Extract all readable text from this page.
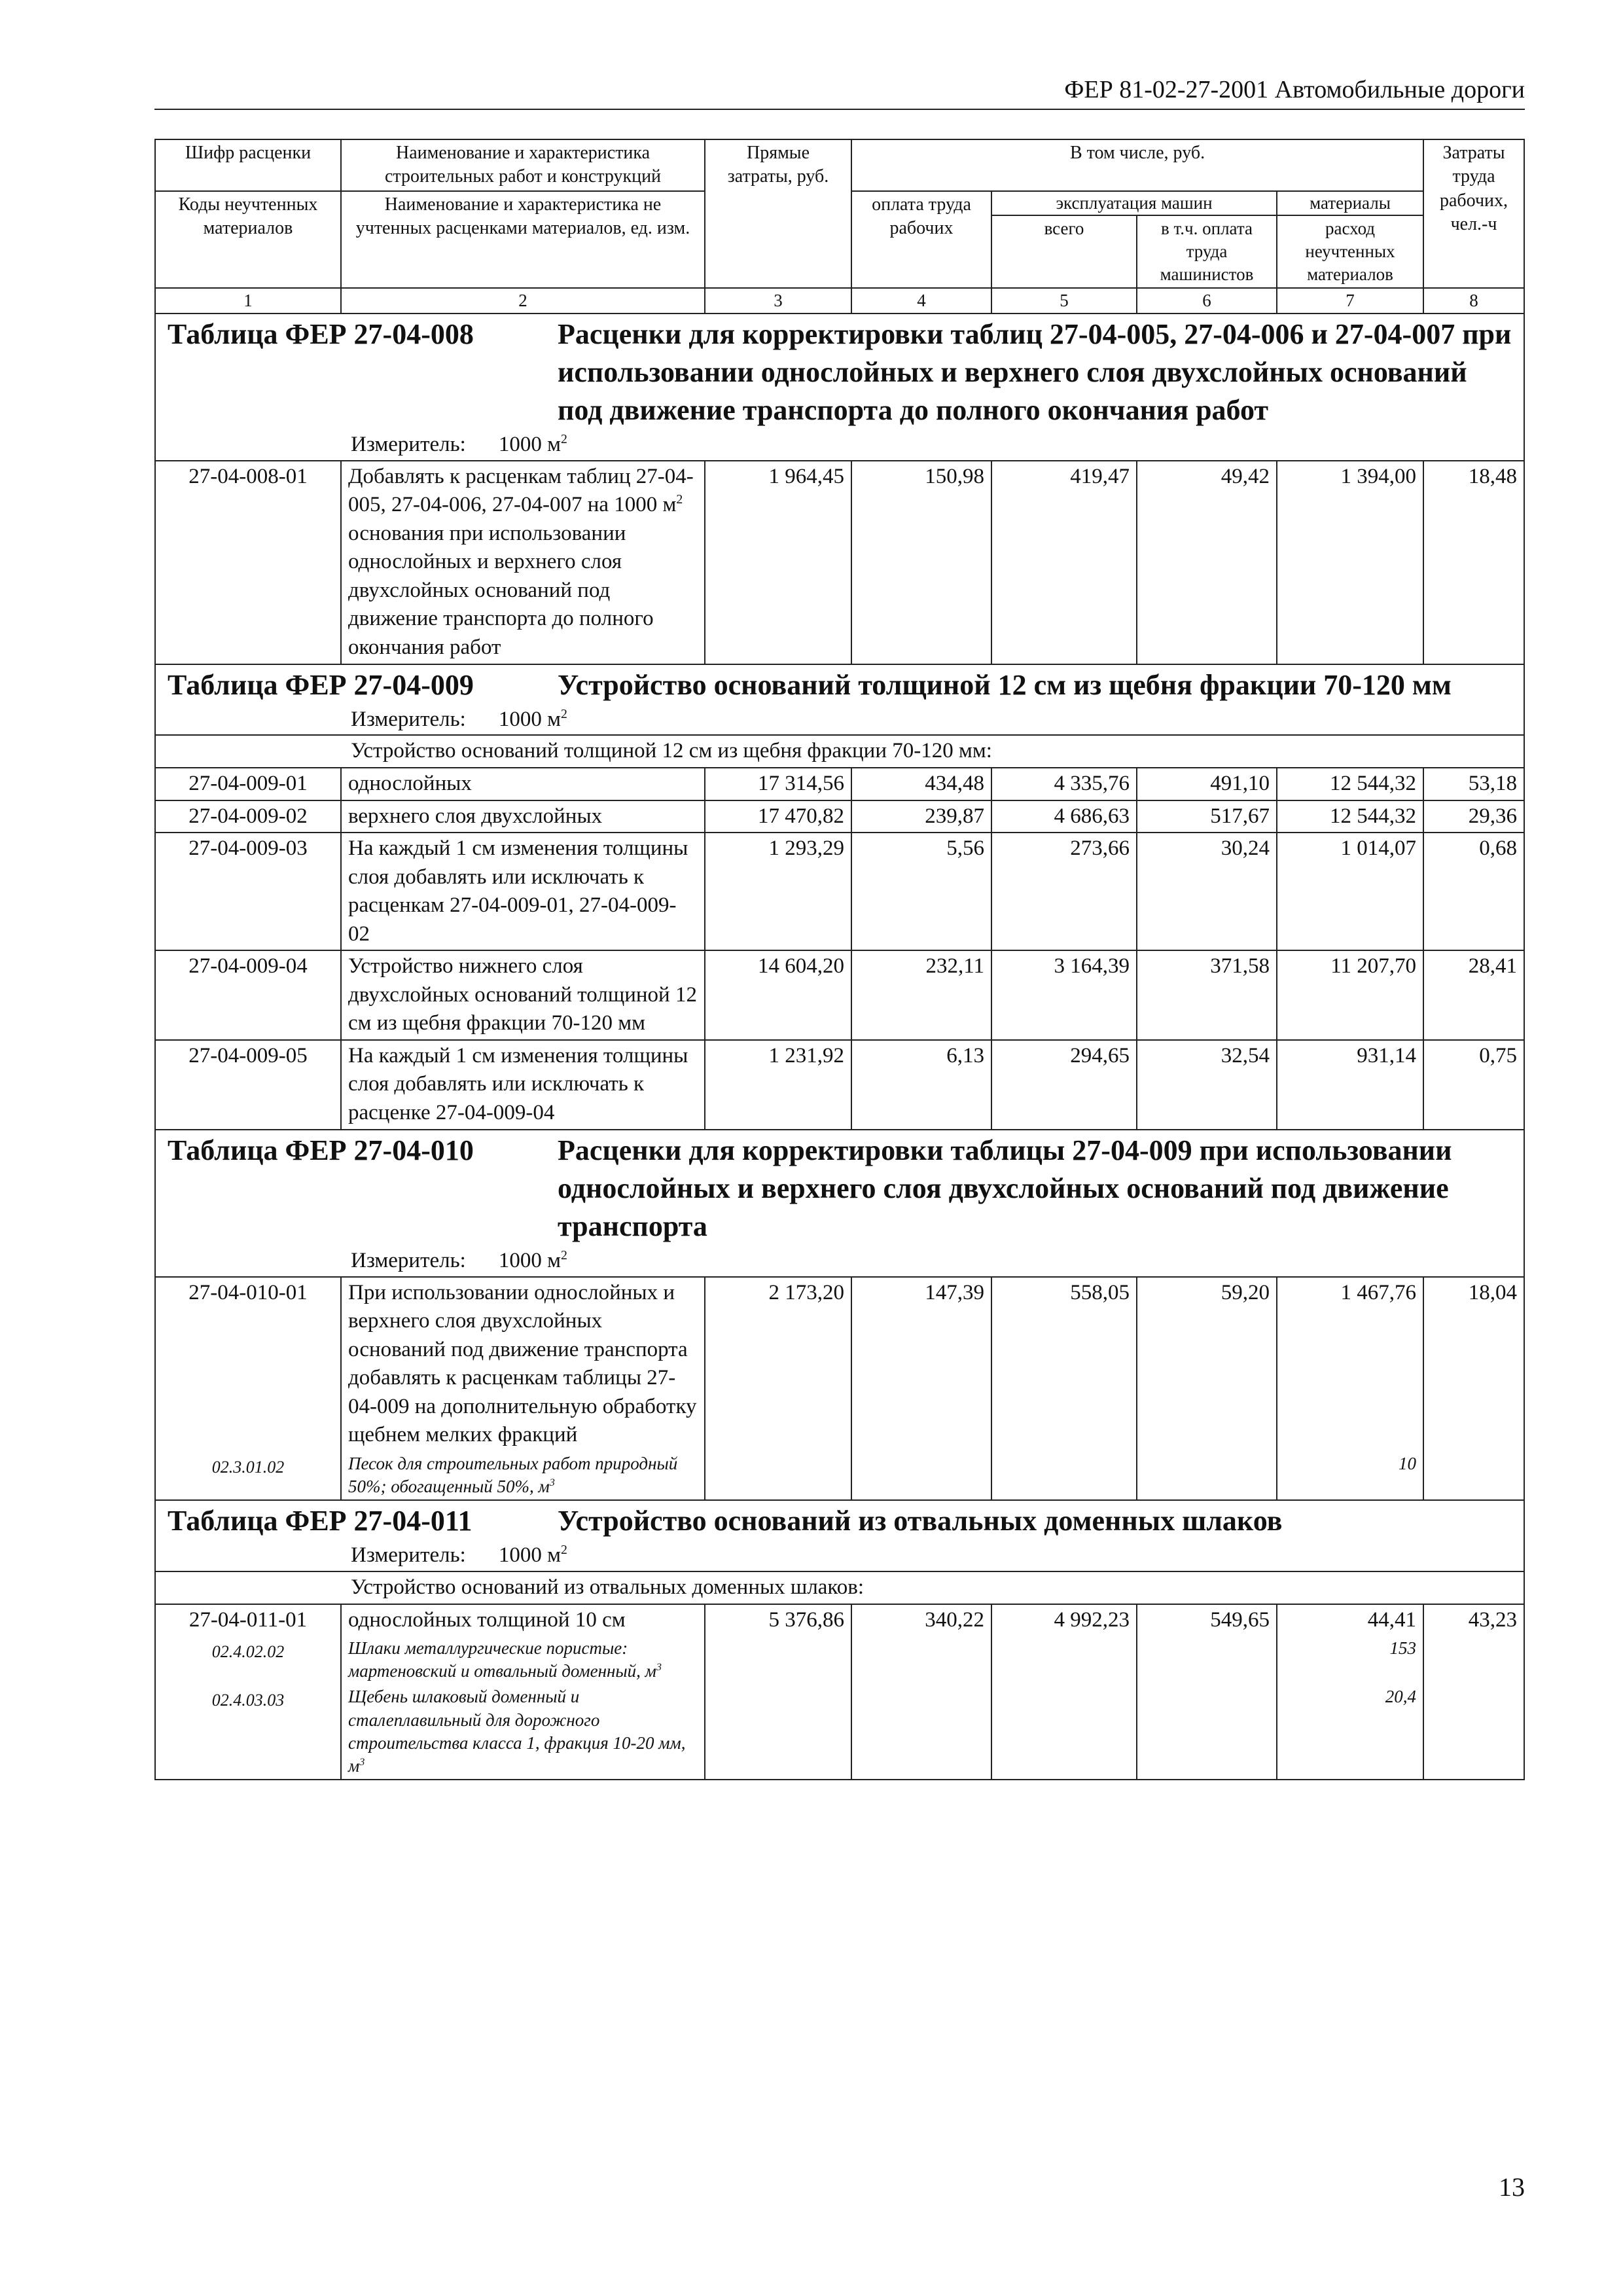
ФЕР 81-02-27-2001 Автомобильные дороги
Шифр расценки	Наименование и характеристика строительных работ и конструкций	Прямые затраты, руб.	В том числе, руб.				Затраты труда рабочих, чел.-ч
Коды неучтенных материалов	Наименование и характеристика не учтенных расценками материалов, ед. изм.		оплата труда рабочих	эксплуатация машин		материалы	
				всего	в т.ч. оплата труда машинистов	расход неучтенных материалов	
1	2	3	4	5	6	7	8

Таблица ФЕР 27-04-008 Расценки для корректировки таблиц 27-04-005, 27-04-006 и 27-04-007 при использовании однослойных и верхнего слоя двухслойных оснований под движение транспорта до полного окончания работ
Измеритель: 1000 $м^2$

27-04-008-01	Добавлять к расценкам таблиц 27-04-005, 27-04-006, 27-04-007 на 1000 $м^2$ основания при использовании однослойных и верхнего слоя двухслойных оснований под движение транспорта до полного окончания работ	1 964,45	150,98	419,47	49,42	1 394,00	18,48

Таблица ФЕР 27-04-009 Устройство оснований толщиной 12 см из щебня фракции 70-120 мм
Измеритель: 1000 $м^2$

Устройство оснований толщиной 12 см из щебня фракции 70-120 мм:							

27-04-009-01	однослойных	17 314,56	434,48	4 335,76	491,10	12 544,32	53,18
27-04-009-02	верхнего слоя двухслойных	17 470,82	239,87	4 686,63	517,67	12 544,32	29,36
27-04-009-03	На каждый 1 см изменения толщины слоя добавлять или исключать к расценкам 27-04-009-01, 27-04-009-02	1 293,29	5,56	273,66	30,24	1 014,07	0,68
27-04-009-04	Устройство нижнего слоя двухслойных оснований толщиной 12 см из щебня фракции 70-120 мм	14 604,20	232,11	3 164,39	371,58	11 207,70	28,41
27-04-009-05	На каждый 1 см изменения толщины слоя добавлять или исключать к расценке 27-04-009-04	1 231,92	6,13	294,65	32,54	931,14	0,75

Таблица ФЕР 27-04-010 Расценки для корректировки таблицы 27-04-009 при использовании однослойных и верхнего слоя двухслойных оснований под движение транспорта
Измеритель: 1000 $м^2$

27-04-010-01	При использовании однослойных и верхнего слоя двухслойных оснований под движение транспорта добавлять к расценкам таблицы 27-04-009 на дополнительную обработку щебнем мелких фракций	2 173,20	147,39	558,05	59,20	1 467,76	18,04
02.3.01.02	Песок для строительных работ природный 50%; обогащенный 50%, $м^3$					10	

Таблица ФЕР 27-04-011 Устройство оснований из отвальных доменных шлаков
Измеритель: 1000 $м^2$

Устройство оснований из отвальных доменных шлаков:							

27-04-011-01	однослойных толщиной 10 см	5 376,86	340,22	4 992,23	549,65	44,41	43,23
02.4.02.02	Шлаки металлургические пористые: мартеновский и отвальный доменный, $м^3$					153	
02.4.03.03	Щебень шлаковый доменный и сталеплавильный для дорожного строительства класса 1, фракция 10-20 мм, $м^3$					20,4	
13
